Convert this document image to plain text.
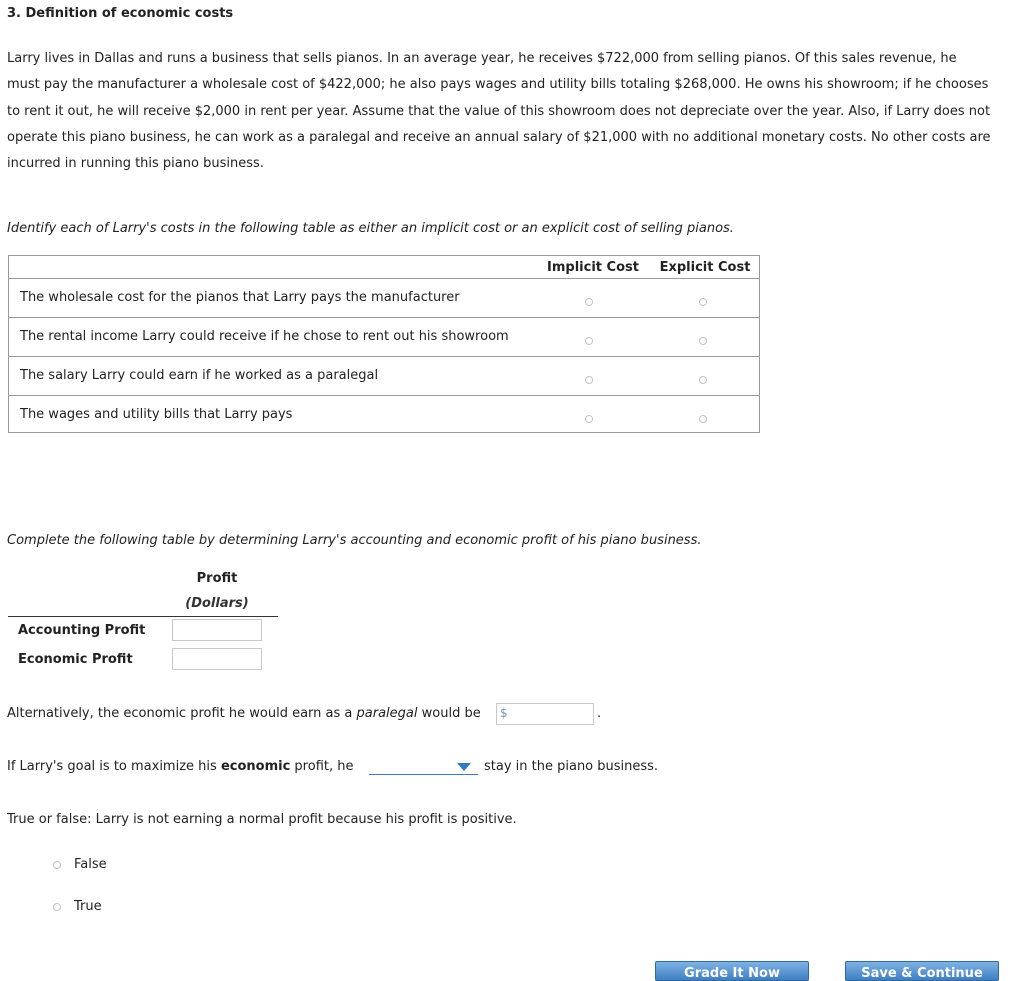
3. Definition of economic costs

Larry lives in Dallas and runs a business that sells pianos. In an average year, he receives $722,000 from selling pianos. Of this sales revenue, he
must pay the manufacturer a wholesale cost of $422,000; he also pays wages and utility bills totaling $268,000. He owns his showroom; if he chooses
to rent it out, he will receive $2,000 in rent per year. Assume that the value of this showroom does not depreciate over the year. Also, if Larry does not
operate this piano business, he can work as a paralegal and receive an annual salary of $21,000 with no additional monetary costs. No other costs are
incurred in running this piano business.

Identify each of Larry's costs in the following table as either an implicit cost or an explicit cost of selling pianos.

Implicit Cost	Explicit Cost
The wholesale cost for the pianos that Larry pays the manufacturer
The rental income Larry could receive if he chose to rent out his showroom
The salary Larry could earn if he worked as a paralegal
The wages and utility bills that Larry pays

Complete the following table by determining Larry's accounting and economic profit of his piano business.

Profit
(Dollars)
Accounting Profit
Economic Profit
Alternatively, the economic profit he would earn as a paralegal would be $	.
If Larry's goal is to maximize his economic profit, he	stay in the piano business.
True or false: Larry is not earning a normal profit because his profit is positive.
False
True
Grade It Now	Save & Continue
